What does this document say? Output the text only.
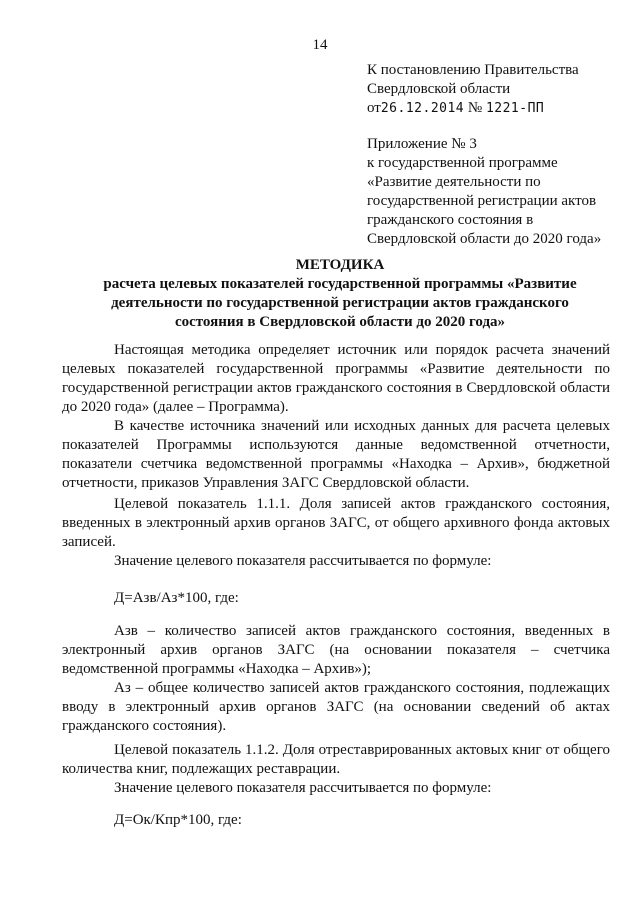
14
К постановлению Правительства
Свердловской области
от26.12.2014 № 1221-ПП
Приложение № 3
к государственной программе
«Развитие деятельности по
государственной регистрации актов
гражданского состояния в
Свердловской области до 2020 года»
МЕТОДИКА
расчета целевых показателей государственной программы «Развитие
деятельности по государственной регистрации актов гражданского
состояния в Свердловской области до 2020 года»

Настоящая методика определяет источник или порядок расчета значений целевых показателей государственной программы «Развитие деятельности по государственной регистрации актов гражданского состояния в Свердловской области до 2020 года» (далее – Программа).

В качестве источника значений или исходных данных для расчета целевых показателей Программы используются данные ведомственной отчетности, показатели счетчика ведомственной программы «Находка – Архив», бюджетной отчетности, приказов Управления ЗАГС Свердловской области.

Целевой показатель 1.1.1. Доля записей актов гражданского состояния, введенных в электронный архив органов ЗАГС, от общего архивного фонда актовых записей.

Значение целевого показателя рассчитывается по формуле:

Д=Азв/Аз*100, где:

Азв – количество записей актов гражданского состояния, введенных в электронный архив органов ЗАГС (на основании показателя – счетчика ведомственной программы «Находка – Архив»);

Аз – общее количество записей актов гражданского состояния, подлежащих вводу в электронный архив органов ЗАГС (на основании сведений об актах гражданского состояния).

Целевой показатель 1.1.2. Доля отреставрированных актовых книг от общего количества книг, подлежащих реставрации.

Значение целевого показателя рассчитывается по формуле:

Д=Ок/Кпр*100, где:
